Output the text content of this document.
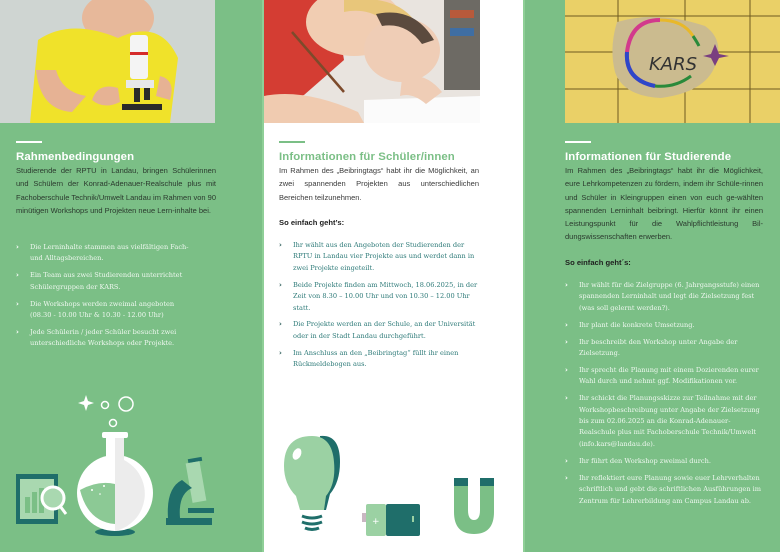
Rahmenbedingungen

Studierende der RPTU in Landau, bringen Schülerinnen und Schülern der Konrad-Adenauer-Realschule plus mit Fachoberschule Technik/Umwelt Landau im Rahmen von 90 minütigen Workshops und Projekten neue Lern-inhalte bei.

› Die Lerninhalte stammen aus vielfältigen Fach- und Alltagsbereichen.
› Ein Team aus zwei Studierenden unterrichtet Schülergruppen der KARS.
› Die Workshops werden zweimal angeboten (08.30 - 10.00 Uhr & 10.30 - 12.00 Uhr)
› Jede Schülerin / jeder Schüler besucht zwei unterschiedliche Workshops oder Projekte.
Informationen für Schüler/innen

Im Rahmen des „Beibringtags“ habt ihr die Möglichkeit, an zwei spannenden Projekten aus unterschiedlichen Bereichen teilzunehmen.

So einfach geht’s:
› Ihr wählt aus den Angeboten der Studierenden der RPTU in Landau vier Projekte aus und werdet dann in zwei Projekte eingeteilt.
› Beide Projekte finden am Mittwoch, 18.06.2025, in der Zeit von 8.30 – 10.00 Uhr und von 10.30 – 12.00 Uhr statt.
› Die Projekte werden an der Schule, an der Universität oder in der Stadt Landau durchgeführt.
› Im Anschluss an den „Beibringtag“ füllt ihr einen Rückmeldebogen aus.
+
KARS
Informationen für Studierende

Im Rahmen des „Beibringtags“ habt ihr die Möglichkeit, eure Lehrkompetenzen zu fördern, indem ihr Schüle-rinnen und Schüler in Kleingruppen einen von euch ge-wählten spannenden Lerninhalt beibringt. Hierfür könnt ihr einen Leistungspunkt für die Wahlpflichtleistung Bil-dungswissenschaften erwerben.

So einfach geht´s:
› Ihr wählt für die Zielgruppe (6. Jahrgangsstufe) einen spannenden Lerninhalt und legt die Zielsetzung fest (was soll gelernt werden?).
› Ihr plant die konkrete Umsetzung.
› Ihr beschreibt den Workshop unter Angabe der Zielsetzung.
› Ihr sprecht die Planung mit einem Dozierenden eurer Wahl durch und nehmt ggf. Modifikationen vor.
› Ihr schickt die Planungsskizze zur Teilnahme mit der Workshopbeschreibung unter Angabe der Zielsetzung bis zum 02.06.2025 an die Konrad-Adenauer-Realschule plus mit Fachoberschule Technik/Umwelt (info.kars@landau.de).
› Ihr führt den Workshop zweimal durch.
› Ihr reflektiert eure Planung sowie euer Lehrverhalten schriftlich und gebt die schriftlichen Ausführungen im Zentrum für Lehrerbildung am Campus Landau ab.
